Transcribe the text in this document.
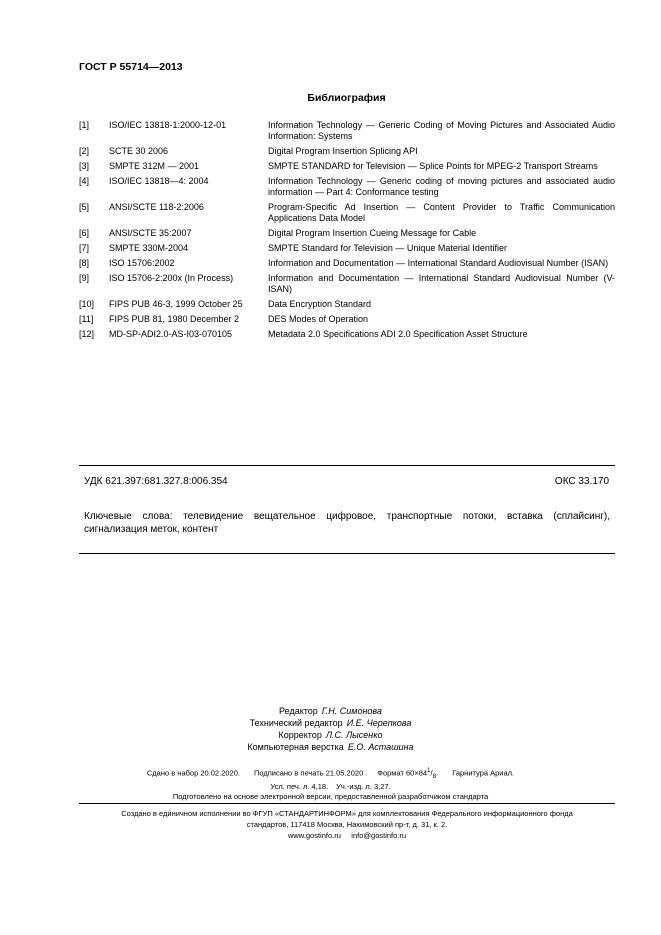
ГОСТ Р 55714—2013
Библиография
[1]	ISO/IEC 13818-1:2000-12-01	Information Technology — Generic Coding of Moving Pictures and Associated Audio Information: Systems
[2]	SCTE 30 2006	Digital Program Insertion Splicing API
[3]	SMPTE 312M — 2001	SMPTE STANDARD for Television — Splice Points for MPEG-2 Transport Streams
[4]	ISO/IEC 13818—4: 2004	Information Technology — Generic coding of moving pictures and associated audio information — Part 4: Conformance testing
[5]	ANSI/SCTE 118-2:2006	Program-Specific Ad Insertion — Content Provider to Traffic Communication Applications Data Model
[6]	ANSI/SCTE 35:2007	Digital Program Insertion Cueing Message for Cable
[7]	SMPTE 330M-2004	SMPTE Standard for Television — Unique Material Identifier
[8]	ISO 15706:2002	Information and Documentation — International Standard Audiovisual Number (ISAN)
[9]	ISO 15706-2:200x (In Process)	Information and Documentation — International Standard Audiovisual Number (V-ISAN)
[10]	FIPS PUB 46-3, 1999 October 25	Data Encryption Standard
[11]	FIPS PUB 81, 1980 December 2	DES Modes of Operation
[12]	MD-SP-ADI2.0-AS-I03-070105	Metadata 2.0 Specifications ADI 2.0 Specification Asset Structure
УДК 621.397:681.327.8:006.354	ОКС 33.170
Ключевые слова: телевидение вещательное цифровое, транспортные потоки, вставка (сплайсинг), сигнализация меток, контент
Редактор Г.Н. Симонова
Технический редактор И.Е. Черепкова
Корректор Л.С. Лысенко
Компьютерная верстка Е.О. Асташина
Сдано в набор 20.02.2020. Подписано в печать 21.05.2020 Формат $60\times 84^1/_8$. Гарнитура Ариал.
Усл. печ. л. 4,18. Уч.-изд. л. 3,27.
Подготовлено на основе электронной версии, предоставленной разработчиком стандарта
Создано в единичном исполнении во ФГУП «СТАНДАРТИНФОРМ» для комплектования Федерального информационного фонда
стандартов, 117418 Москва, Нахимовский пр-т, д. 31, к. 2.
www.gostinfo.ru     info@gostinfo.ru
